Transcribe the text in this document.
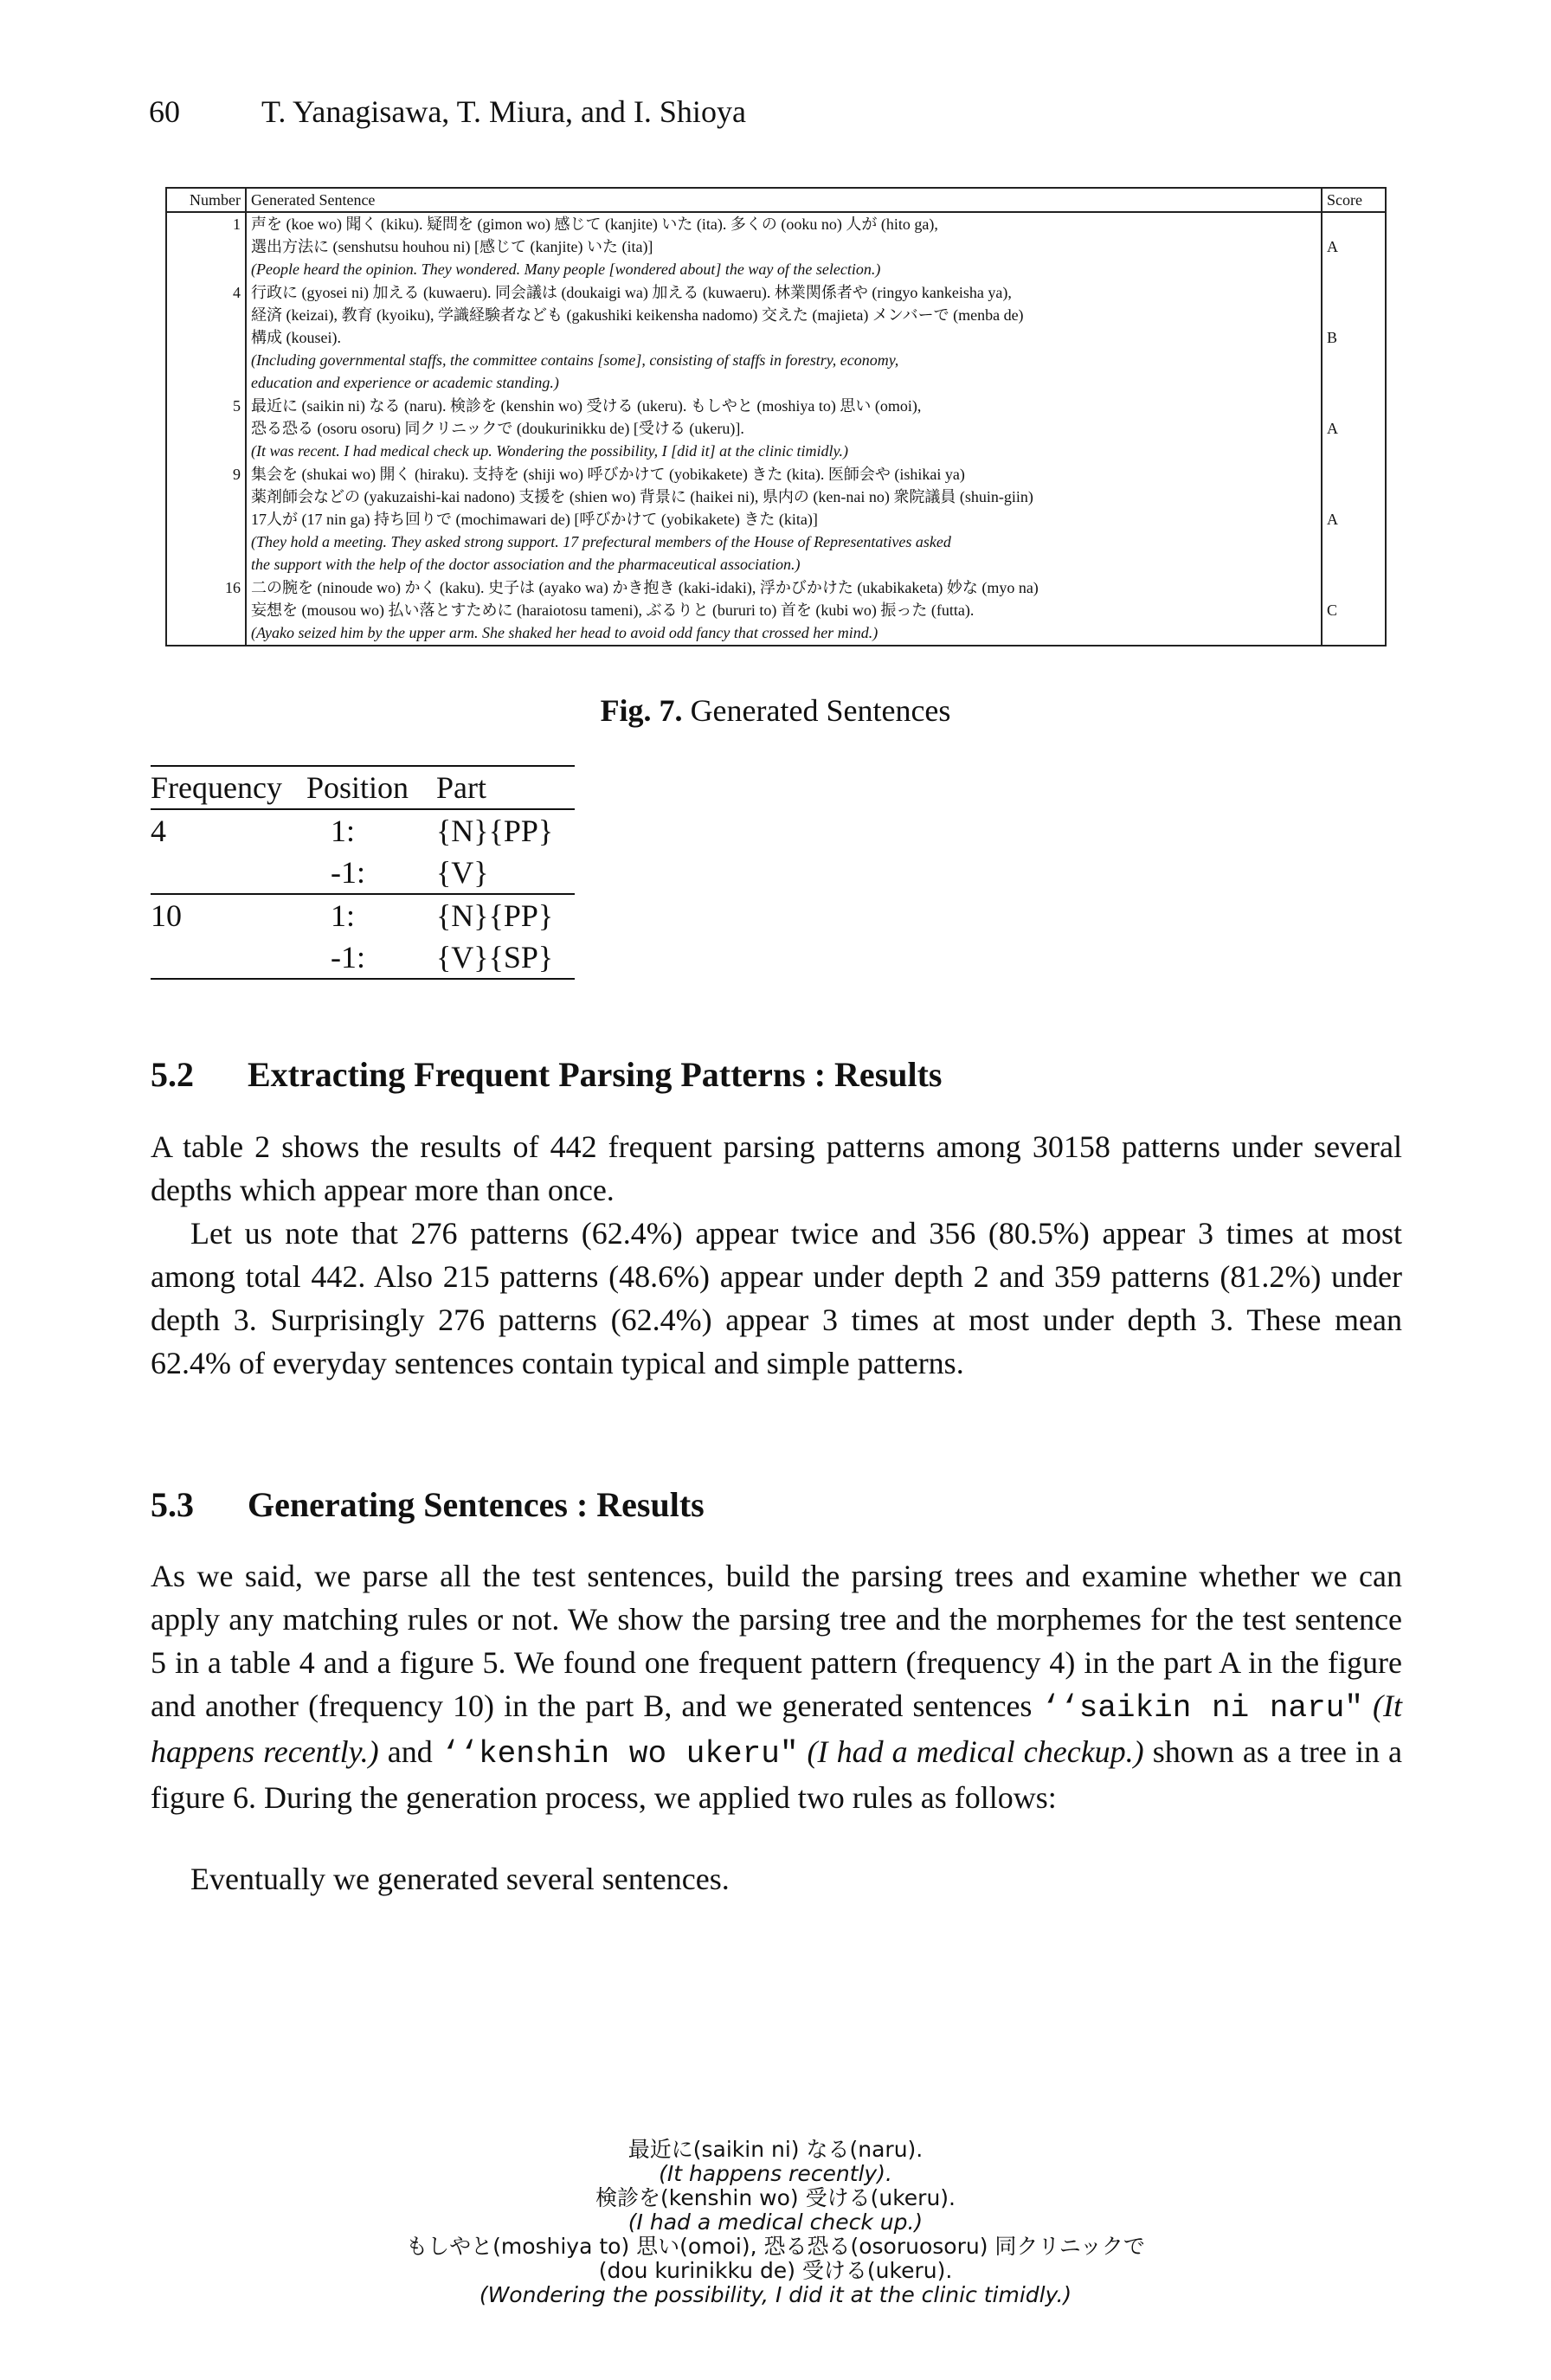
60	T. Yanagisawa, T. Miura, and I. Shioya
Number	Generated Sentence	Score
1	声を (koe wo) 聞く (kiku). 疑問を (gimon wo) 感じて (kanjite) いた (ita). 多くの (ooku no) 人が (hito ga),
選出方法に (senshutsu houhou ni) [感じて (kanjite) いた (ita)]
(People heard the opinion. They wondered. Many people [wondered about] the way of the selection.)	A

4	行政に (gyosei ni) 加える (kuwaeru). 同会議は (doukaigi wa) 加える (kuwaeru). 林業関係者や (ringyo kankeisha ya),
経済 (keizai), 教育 (kyoiku), 学識経験者なども (gakushiki keikensha nadomo) 交えた (majieta) メンバーで (menba de)
構成 (kousei).
(Including governmental staffs, the committee contains [some], consisting of staffs in forestry, economy,
education and experience or academic standing.)	B

5	最近に (saikin ni) なる (naru). 検診を (kenshin wo) 受ける (ukeru). もしやと (moshiya to) 思い (omoi),
恐る恐る (osoru osoru) 同クリニックで (doukurinikku de) [受ける (ukeru)].
(It was recent. I had medical check up. Wondering the possibility, I [did it] at the clinic timidly.)	A

9	集会を (shukai wo) 開く (hiraku). 支持を (shiji wo) 呼びかけて (yobikakete) きた (kita). 医師会や (ishikai ya)
薬剤師会などの (yakuzaishi-kai nadono) 支援を (shien wo) 背景に (haikei ni), 県内の (ken-nai no) 衆院議員 (shuin-giin)
17人が (17 nin ga) 持ち回りで (mochimawari de) [呼びかけて (yobikakete) きた (kita)]
(They hold a meeting. They asked strong support. 17 prefectural members of the House of Representatives asked
the support with the help of the doctor association and the pharmaceutical association.)	A

16	二の腕を (ninoude wo) かく (kaku). 史子は (ayako wa) かき抱き (kaki-idaki), 浮かびかけた (ukabikaketa) 妙な (myo na)
妄想を (mousou wo) 払い落とすために (haraiotosu tameni), ぶるりと (bururi to) 首を (kubi wo) 振った (futta).
(Ayako seized him by the upper arm. She shaked her head to avoid odd fancy that crossed her mind.)	C
Fig. 7. Generated Sentences
Frequency	Position	Part
4	1:	{N}{PP}
	-1:	{V}
10	1:	{N}{PP}
	-1:	{V}{SP}
5.2 Extracting Frequent Parsing Patterns : Results
A table 2 shows the results of 442 frequent parsing patterns among 30158 patterns under several depths which appear more than once.
Let us note that 276 patterns (62.4%) appear twice and 356 (80.5%) appear 3 times at most among total 442. Also 215 patterns (48.6%) appear under depth 2 and 359 patterns (81.2%) under depth 3. Surprisingly 276 patterns (62.4%) appear 3 times at most under depth 3. These mean 62.4% of everyday sentences contain typical and simple patterns.
5.3 Generating Sentences : Results
As we said, we parse all the test sentences, build the parsing trees and examine whether we can apply any matching rules or not. We show the parsing tree and the morphemes for the test sentence 5 in a table 4 and a figure 5. We found one frequent pattern (frequency 4) in the part A in the figure and another (frequency 10) in the part B, and we generated sentences ‘‘saikin ni naru" (It happens recently.) and ‘‘kenshin wo ukeru" (I had a medical checkup.) shown as a tree in a figure 6. During the generation process, we applied two rules as follows:
Eventually we generated several sentences.
最近に(saikin ni) なる(naru).
(It happens recently).
検診を(kenshin wo) 受ける(ukeru).
(I had a medical check up.)
もしやと(moshiya to) 思い(omoi), 恐る恐る(osoruosoru) 同クリニックで
(dou kurinikku de) 受ける(ukeru).
(Wondering the possibility, I did it at the clinic timidly.)
